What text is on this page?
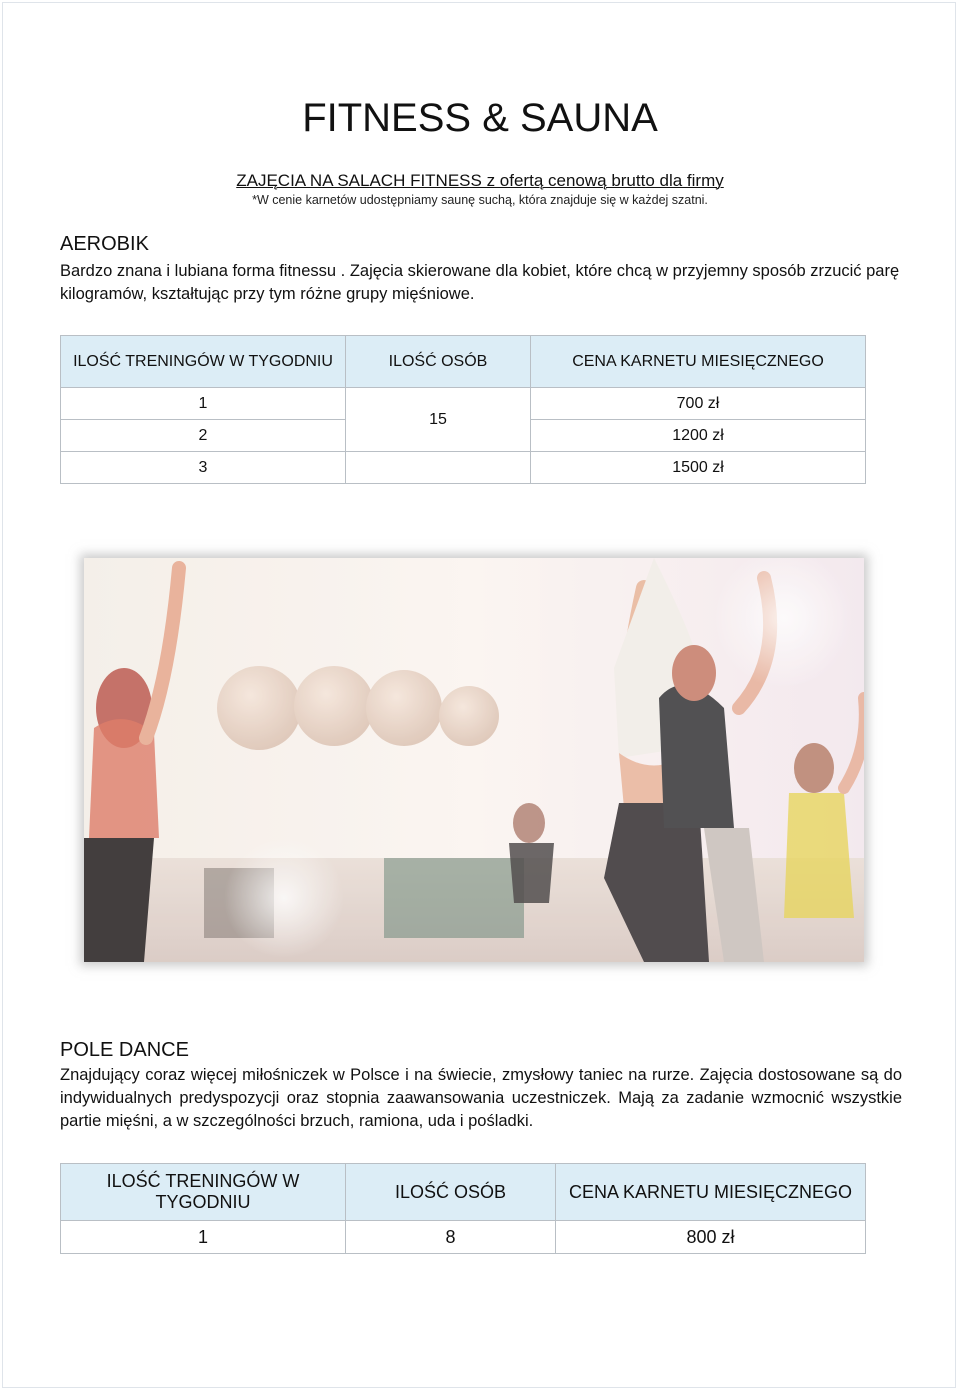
FITNESS & SAUNA
ZAJĘCIA NA SALACH FITNESS z ofertą cenową brutto dla firmy
*W cenie karnetów udostępniamy saunę suchą, która znajduje się w każdej szatni.
AEROBIK
Bardzo znana i lubiana forma fitnessu . Zajęcia skierowane dla kobiet, które chcą w przyjemny sposób zrzucić parę kilogramów, kształtując przy tym różne grupy mięśniowe.
ILOŚĆ TRENINGÓW W TYGODNIU	ILOŚĆ OSÓB	CENA KARNETU MIESIĘCZNEGO
1	15	700 zł
2		1200 zł
3		1500 zł
POLE DANCE
Znajdujący coraz więcej miłośniczek w Polsce i na świecie, zmysłowy taniec na rurze. Zajęcia dostosowane są do indywidualnych predyspozycji oraz stopnia zaawansowania uczestniczek. Mają za zadanie wzmocnić wszystkie partie mięśni, a w szczególności brzuch, ramiona, uda i pośladki.
ILOŚĆ TRENINGÓW W TYGODNIU	ILOŚĆ OSÓB	CENA KARNETU MIESIĘCZNEGO
1	8	800 zł
